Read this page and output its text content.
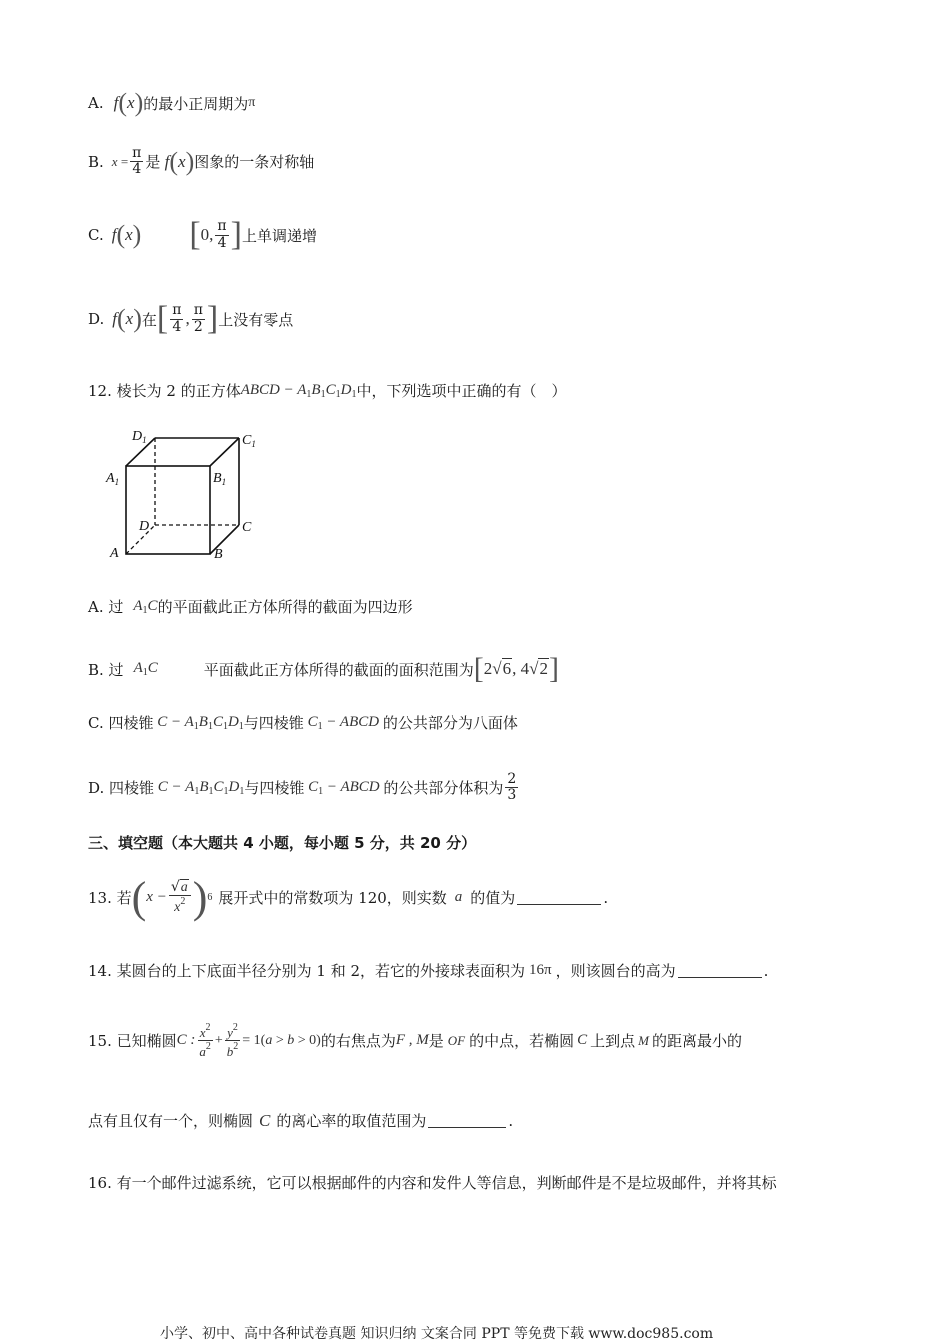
A. f ( x ) 的最小正周期为 π
B. $x = \frac{\pi}{4}$ 是 f ( x ) 图象的一条对称轴
C. f ( x ) [ 0, $\frac{\pi}{4}$ ] 上单调递增
D. f ( x ) 在 [ $\frac{\pi}{4}$ , $\frac{\pi}{2}$ ] 上没有零点
12. 棱长为 2 的正方体 ABCD − $A_1B_1C_1D_1$ 中，下列选项中正确的有（　）
$D_1$	$C_1$
$A_1$	$B_1$
D	C
A	B
A. 过 $A_1C$ 的平面截此正方体所得的截面为四边形
B. 过 $A_1C$	平面截此正方体所得的截面的面积范围为 [ 2√6, 4√2 ]
C. 四棱锥 $C - A_1B_1C_1D_1$ 与四棱锥 $C_1$ − ABCD 的公共部分为八面体
D. 四棱锥 $C - A_1B_1C_1D_1$ 与四棱锥 $C_1$ − ABCD 的公共部分体积为 $\frac{2}{3}$
三、填空题（本大题共 4 小题，每小题 5 分，共 20 分）
13. 若 ( $x - \frac{√a}{x^2}$ ) 6 展开式中的常数项为 120，则实数 a 的值为	.
14. 某圆台的上下底面半径分别为 1 和 2，若它的外接球表面积为 16π ，则该圆台的高为	.
15. 已知椭圆 C : $\frac{x^2}{a^2} + \frac{y^2}{b^2} = 1(a > b > 0)$ 的右焦点为 F , M 是 OF 的中点，若椭圆 C 上到点 M 的距离最小的
点有且仅有一个，则椭圆 C 的离心率的取值范围为	.
16. 有一个邮件过滤系统，它可以根据邮件的内容和发件人等信息，判断邮件是不是垃圾邮件，并将其标
小学、初中、高中各种试卷真题 知识归纳 文案合同 PPT 等免费下载 www.doc985.com
